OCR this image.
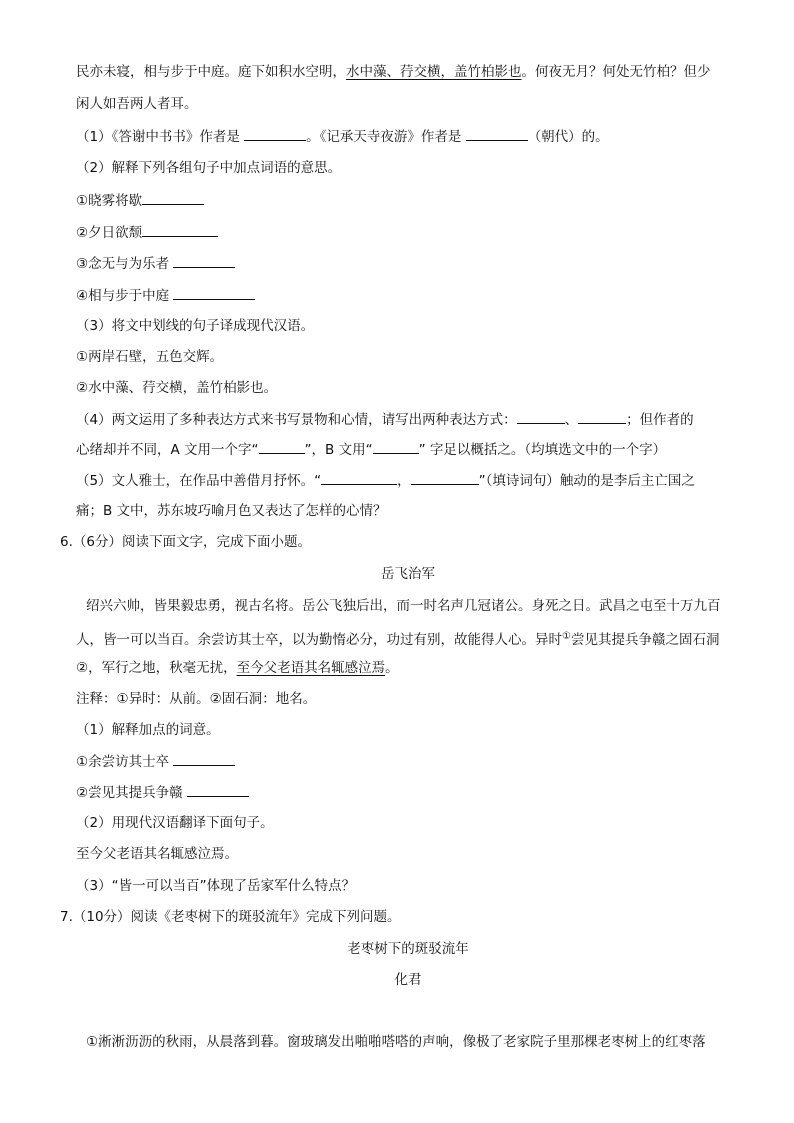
民亦未寝，相与步于中庭。庭下如积水空明，水中藻、荇交横，盖竹柏影也。何夜无月？何处无竹柏？但少
闲人如吾两人者耳。
（1）《答谢中书书》作者是	。《记承天寺夜游》作者是	（朝代）的。
（2）解释下列各组句子中加点词语的意思。
①晓雾将歇
②夕日欲颓
③念无与为乐者
④相与步于中庭
（3）将文中划线的句子译成现代汉语。
①两岸石壁，五色交辉。
②水中藻、荇交横，盖竹柏影也。
（4）两文运用了多种表达方式来书写景物和心情，请写出两种表达方式：	、	；但作者的
心绪却并不同，A 文用一个字“	”，B 文用“	” 字足以概括之。（均填选文中的一个字）
（5）文人雅士，在作品中善借月抒怀。“	，	”（填诗词句）触动的是李后主亡国之
痛；B 文中，苏东坡巧喻月色又表达了怎样的心情？
6.（6分）阅读下面文字，完成下面小题。
岳飞治军
绍兴六帅，皆果毅忠勇，视古名将。岳公飞独后出，而一时名声几冠诸公。身死之日。武昌之屯至十万九百
人，皆一可以当百。余尝访其士卒，以为勤惰必分，功过有别，故能得人心。异时①尝见其提兵争赣之固石洞
②，军行之地，秋毫无扰，至今父老语其名辄感泣焉。
注释：①异时：从前。②固石洞：地名。
（1）解释加点的词意。
①余尝访其士卒
②尝见其提兵争赣
（2）用现代汉语翻译下面句子。
至今父老语其名辄感泣焉。
（3）“皆一可以当百”体现了岳家军什么特点？
7.（10分）阅读《老枣树下的斑驳流年》完成下列问题。
老枣树下的斑驳流年
化君
①淅淅沥沥的秋雨，从晨落到暮。窗玻璃发出啪啪嗒嗒的声响，像极了老家院子里那棵老枣树上的红枣落
